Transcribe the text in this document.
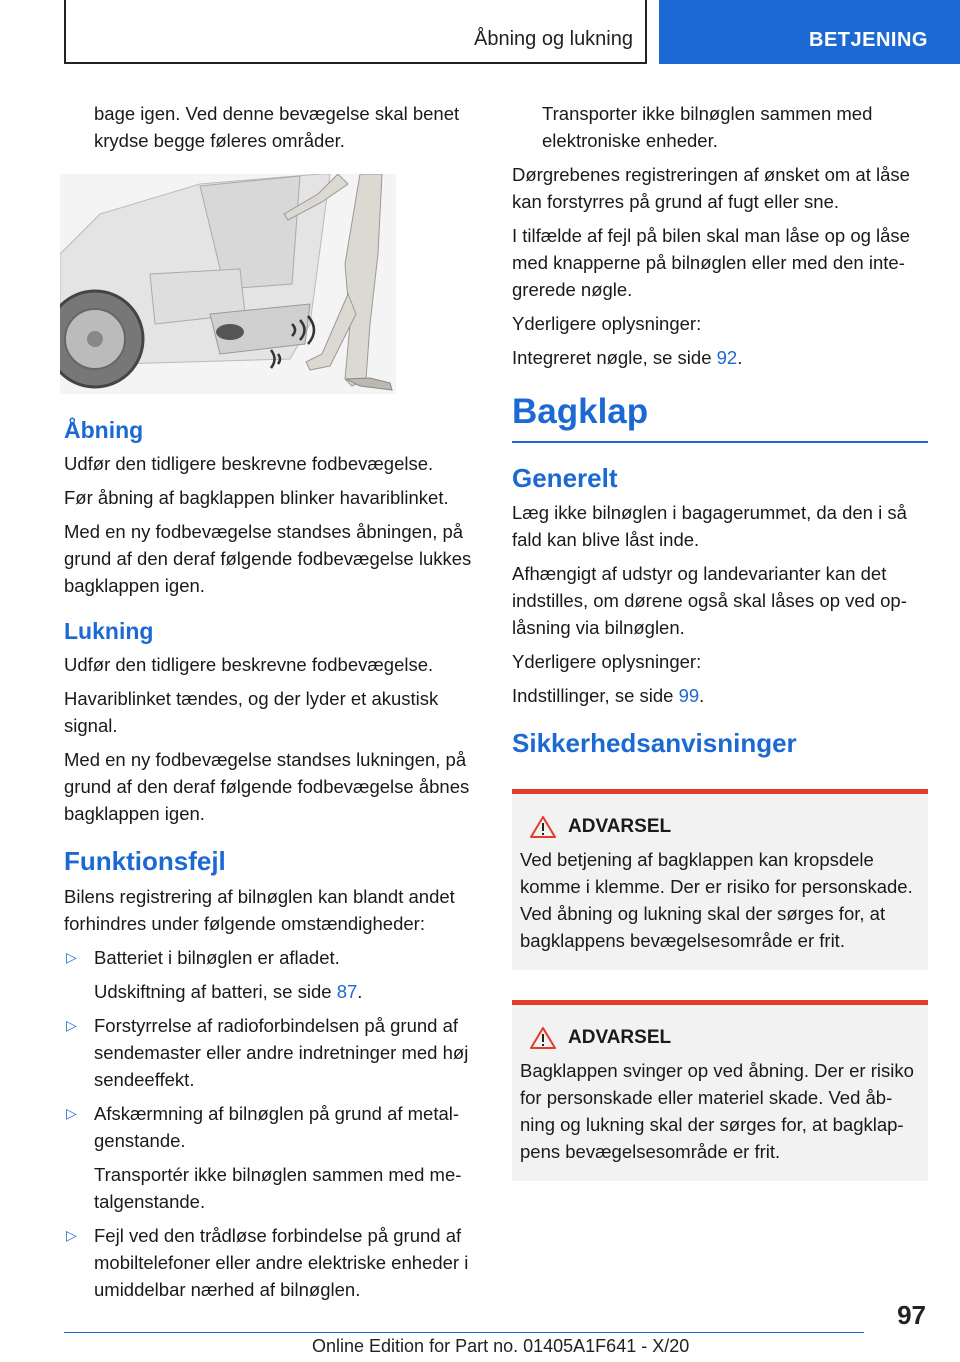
Åbning og lukning	BETJENING

bage igen. Ved denne bevægelse skal benet krydse begge føleres områder.

Åbning

Udfør den tidligere beskrevne fodbevægelse.

Før åbning af bagklappen blinker havariblinket.

Med en ny fodbevægelse standses åbningen, på grund af den deraf følgende fodbevægelse lukkes bagklappen igen.

Lukning

Udfør den tidligere beskrevne fodbevægelse.

Havariblinket tændes, og der lyder et akustisk signal.

Med en ny fodbevægelse standses lukningen, på grund af den deraf følgende fodbevægelse åbnes bagklappen igen.

Funktionsfejl

Bilens registrering af bilnøglen kan blandt andet forhindres under følgende omstændigheder:

▷ Batteriet i bilnøglen er afladet.

Udskiftning af batteri, se side 87.

▷ Forstyrrelse af radioforbindelsen på grund af sendemaster eller andre indretninger med høj sendeeffekt.

▷ Afskærmning af bilnøglen på grund af metalgenstande.

Transportér ikke bilnøglen sammen med metalgenstande.

▷ Fejl ved den trådløse forbindelse på grund af mobiltelefoner eller andre elektriske enheder i umiddelbar nærhed af bilnøglen.

Transporter ikke bilnøglen sammen med elektroniske enheder.

Dørgrebenes registreringen af ønsket om at låse kan forstyrres på grund af fugt eller sne.

I tilfælde af fejl på bilen skal man låse op og låse med knapperne på bilnøglen eller med den integrerede nøgle.

Yderligere oplysninger:

Integreret nøgle, se side 92.

Bagklap
Generelt

Læg ikke bilnøglen i bagagerummet, da den i så fald kan blive låst inde.

Afhængigt af udstyr og landevarianter kan det indstilles, om dørene også skal låses op ved oplåsning via bilnøglen.

Yderligere oplysninger:

Indstillinger, se side 99.

Sikkerhedsanvisninger
ADVARSEL

Ved betjening af bagklappen kan kropsdele komme i klemme. Der er risiko for personskade. Ved åbning og lukning skal der sørges for, at bagklappens bevægelsesområde er frit.

ADVARSEL

Bagklappen svinger op ved åbning. Der er risiko for personskade eller materiel skade. Ved åbning og lukning skal der sørges for, at bagklappens bevægelsesområde er frit.

97
Online Edition for Part no. 01405A1F641 - X/20
